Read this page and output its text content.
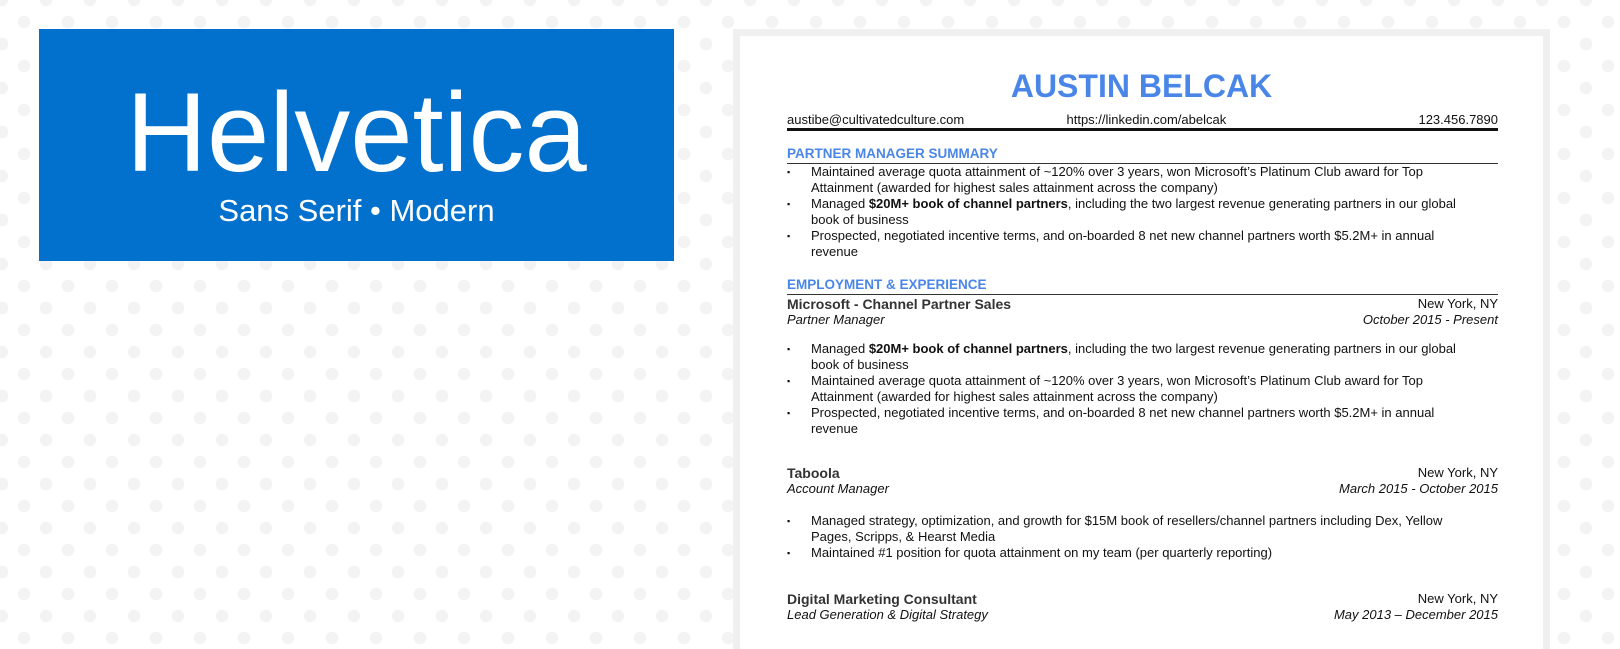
Helvetica
Sans Serif • Modern
AUSTIN BELCAK
austibe@cultivatedculture.com	https://linkedin.com/abelcak	123.456.7890
PARTNER MANAGER SUMMARY
▪ Maintained average quota attainment of ~120% over 3 years, won Microsoft’s Platinum Club award for Top Attainment (awarded for highest sales attainment across the company)
▪ Managed $20M+ book of channel partners, including the two largest revenue generating partners in our global book of business
▪ Prospected, negotiated incentive terms, and on-boarded 8 net new channel partners worth $5.2M+ in annual revenue
EMPLOYMENT & EXPERIENCE
Microsoft - Channel Partner Sales	New York, NY
Partner Manager	October 2015 - Present
▪ Managed $20M+ book of channel partners, including the two largest revenue generating partners in our global book of business
▪ Maintained average quota attainment of ~120% over 3 years, won Microsoft’s Platinum Club award for Top Attainment (awarded for highest sales attainment across the company)
▪ Prospected, negotiated incentive terms, and on-boarded 8 net new channel partners worth $5.2M+ in annual revenue
Taboola	New York, NY
Account Manager	March 2015 - October 2015
▪ Managed strategy, optimization, and growth for $15M book of resellers/channel partners including Dex, Yellow Pages, Scripps, & Hearst Media
▪ Maintained #1 position for quota attainment on my team (per quarterly reporting)
Digital Marketing Consultant	New York, NY
Lead Generation & Digital Strategy	May 2013 – December 2015
